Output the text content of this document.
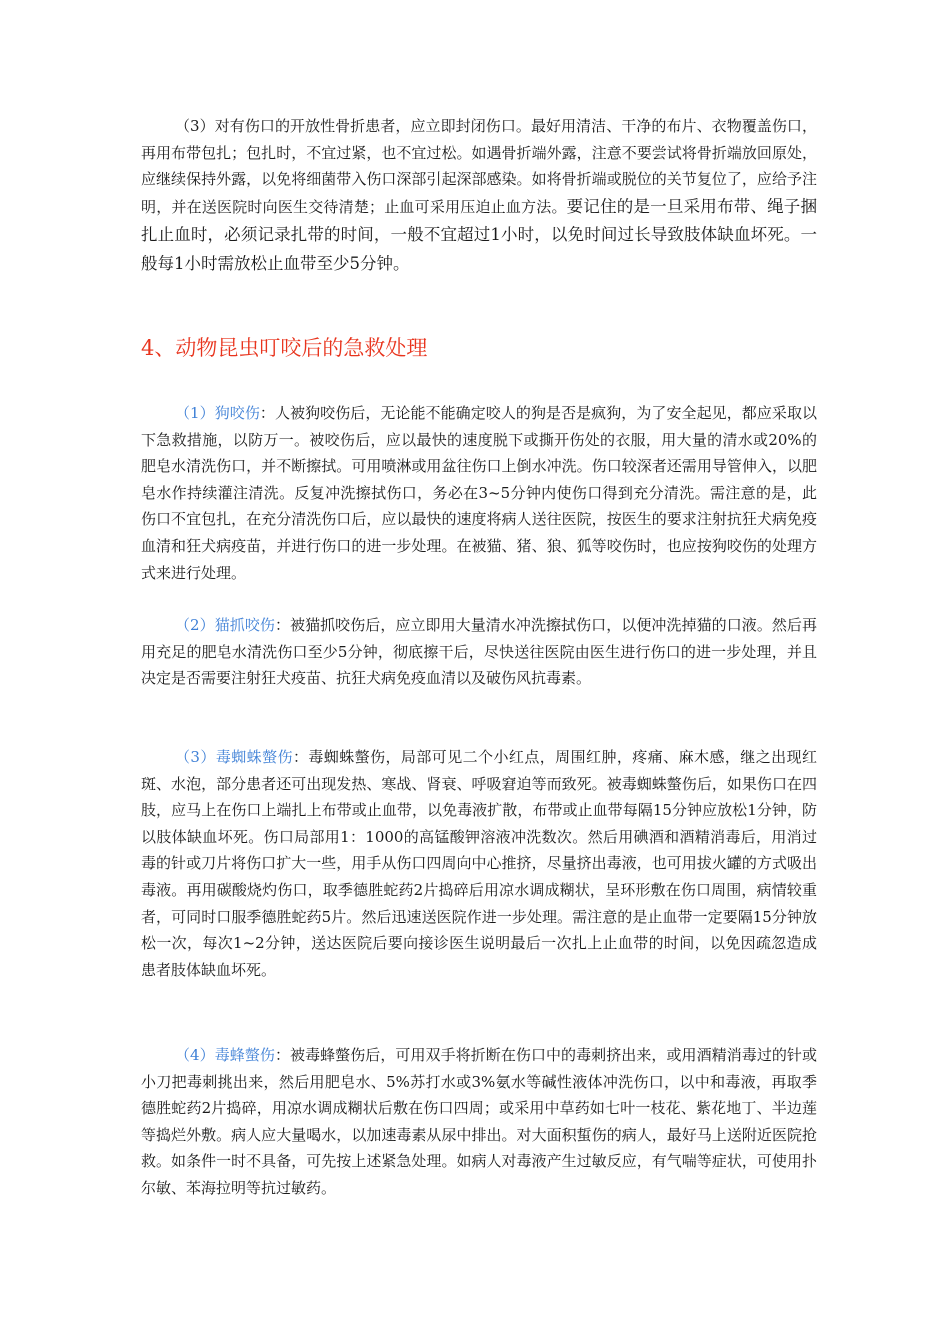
（3）对有伤口的开放性骨折患者，应立即封闭伤口。最好用清洁、干净的布片、衣物覆盖伤口，再用布带包扎；包扎时，不宜过紧，也不宜过松。如遇骨折端外露，注意不要尝试将骨折端放回原处，应继续保持外露，以免将细菌带入伤口深部引起深部感染。如将骨折端或脱位的关节复位了，应给予注明，并在送医院时向医生交待清楚；止血可采用压迫止血方法。要记住的是一旦采用布带、绳子捆扎止血时，必须记录扎带的时间，一般不宜超过1小时，以免时间过长导致肢体缺血坏死。一般每1小时需放松止血带至少5分钟。

4、动物昆虫叮咬后的急救处理

（1）狗咬伤：人被狗咬伤后，无论能不能确定咬人的狗是否是疯狗，为了安全起见，都应采取以下急救措施，以防万一。被咬伤后，应以最快的速度脱下或撕开伤处的衣服，用大量的清水或20%的肥皂水清洗伤口，并不断擦拭。可用喷淋或用盆往伤口上倒水冲洗。伤口较深者还需用导管伸入，以肥皂水作持续灌注清洗。反复冲洗擦拭伤口，务必在3~5分钟内使伤口得到充分清洗。需注意的是，此伤口不宜包扎，在充分清洗伤口后，应以最快的速度将病人送往医院，按医生的要求注射抗狂犬病免疫血清和狂犬病疫苗，并进行伤口的进一步处理。在被猫、猪、狼、狐等咬伤时，也应按狗咬伤的处理方式来进行处理。

（2）猫抓咬伤：被猫抓咬伤后，应立即用大量清水冲洗擦拭伤口，以便冲洗掉猫的口液。然后再用充足的肥皂水清洗伤口至少5分钟，彻底擦干后，尽快送往医院由医生进行伤口的进一步处理，并且决定是否需要注射狂犬疫苗、抗狂犬病免疫血清以及破伤风抗毒素。

（3）毒蜘蛛螫伤：毒蜘蛛螫伤，局部可见二个小红点，周围红肿，疼痛、麻木感，继之出现红斑、水泡，部分患者还可出现发热、寒战、肾衰、呼吸窘迫等而致死。被毒蜘蛛螫伤后，如果伤口在四肢，应马上在伤口上端扎上布带或止血带，以免毒液扩散，布带或止血带每隔15分钟应放松1分钟，防以肢体缺血坏死。伤口局部用1：1000的高锰酸钾溶液冲洗数次。然后用碘酒和酒精消毒后，用消过毒的针或刀片将伤口扩大一些，用手从伤口四周向中心推挤，尽量挤出毒液，也可用拔火罐的方式吸出毒液。再用碳酸烧灼伤口，取季德胜蛇药2片捣碎后用凉水调成糊状，呈环形敷在伤口周围，病情较重者，可同时口服季德胜蛇药5片。然后迅速送医院作进一步处理。需注意的是止血带一定要隔15分钟放松一次，每次1~2分钟，送达医院后要向接诊医生说明最后一次扎上止血带的时间，以免因疏忽造成患者肢体缺血坏死。

（4）毒蜂螫伤：被毒蜂螫伤后，可用双手将折断在伤口中的毒刺挤出来，或用酒精消毒过的针或小刀把毒刺挑出来，然后用肥皂水、5%苏打水或3%氨水等碱性液体冲洗伤口，以中和毒液，再取季德胜蛇药2片捣碎，用凉水调成糊状后敷在伤口四周；或采用中草药如七叶一枝花、紫花地丁、半边莲等捣烂外敷。病人应大量喝水，以加速毒素从尿中排出。对大面积蜇伤的病人，最好马上送附近医院抢救。如条件一时不具备，可先按上述紧急处理。如病人对毒液产生过敏反应，有气喘等症状，可使用扑尔敏、苯海拉明等抗过敏药。
